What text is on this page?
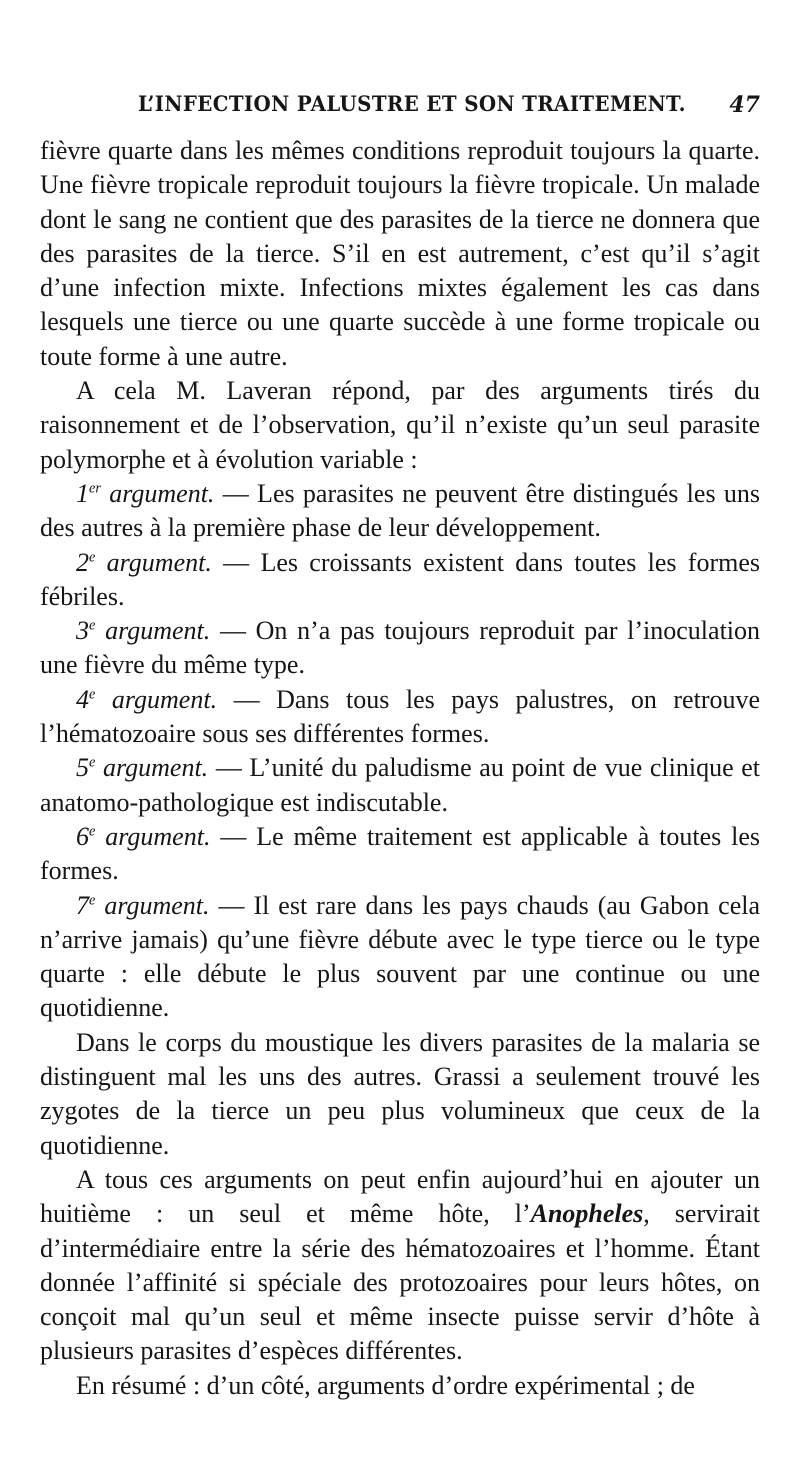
L’INFECTION PALUSTRE ET SON TRAITEMENT. 47

fièvre quarte dans les mêmes conditions reproduit toujours la quarte. Une fièvre tropicale reproduit toujours la fièvre tropicale. Un malade dont le sang ne contient que des parasites de la tierce ne donnera que des parasites de la tierce. S’il en est autrement, c’est qu’il s’agit d’une infection mixte. Infections mixtes également les cas dans lesquels une tierce ou une quarte succède à une forme tropicale ou toute forme à une autre.

A cela M. Laveran répond, par des arguments tirés du raisonnement et de l’observation, qu’il n’existe qu’un seul parasite polymorphe et à évolution variable :

1er argument. — Les parasites ne peuvent être distingués les uns des autres à la première phase de leur développement.

2e argument. — Les croissants existent dans toutes les formes fébriles.

3e argument. — On n’a pas toujours reproduit par l’inoculation une fièvre du même type.

4e argument. — Dans tous les pays palustres, on retrouve l’hématozoaire sous ses différentes formes.

5e argument. — L’unité du paludisme au point de vue clinique et anatomo-pathologique est indiscutable.

6e argument. — Le même traitement est applicable à toutes les formes.

7e argument. — Il est rare dans les pays chauds (au Gabon cela n’arrive jamais) qu’une fièvre débute avec le type tierce ou le type quarte : elle débute le plus souvent par une continue ou une quotidienne.

Dans le corps du moustique les divers parasites de la malaria se distinguent mal les uns des autres. Grassi a seulement trouvé les zygotes de la tierce un peu plus volumineux que ceux de la quotidienne.

A tous ces arguments on peut enfin aujourd’hui en ajouter un huitième : un seul et même hôte, l’Anopheles, servirait d’intermédiaire entre la série des hématozoaires et l’homme. Étant donnée l’affinité si spéciale des protozoaires pour leurs hôtes, on conçoit mal qu’un seul et même insecte puisse servir d’hôte à plusieurs parasites d’espèces différentes.

En résumé : d’un côté, arguments d’ordre expérimental ; de
